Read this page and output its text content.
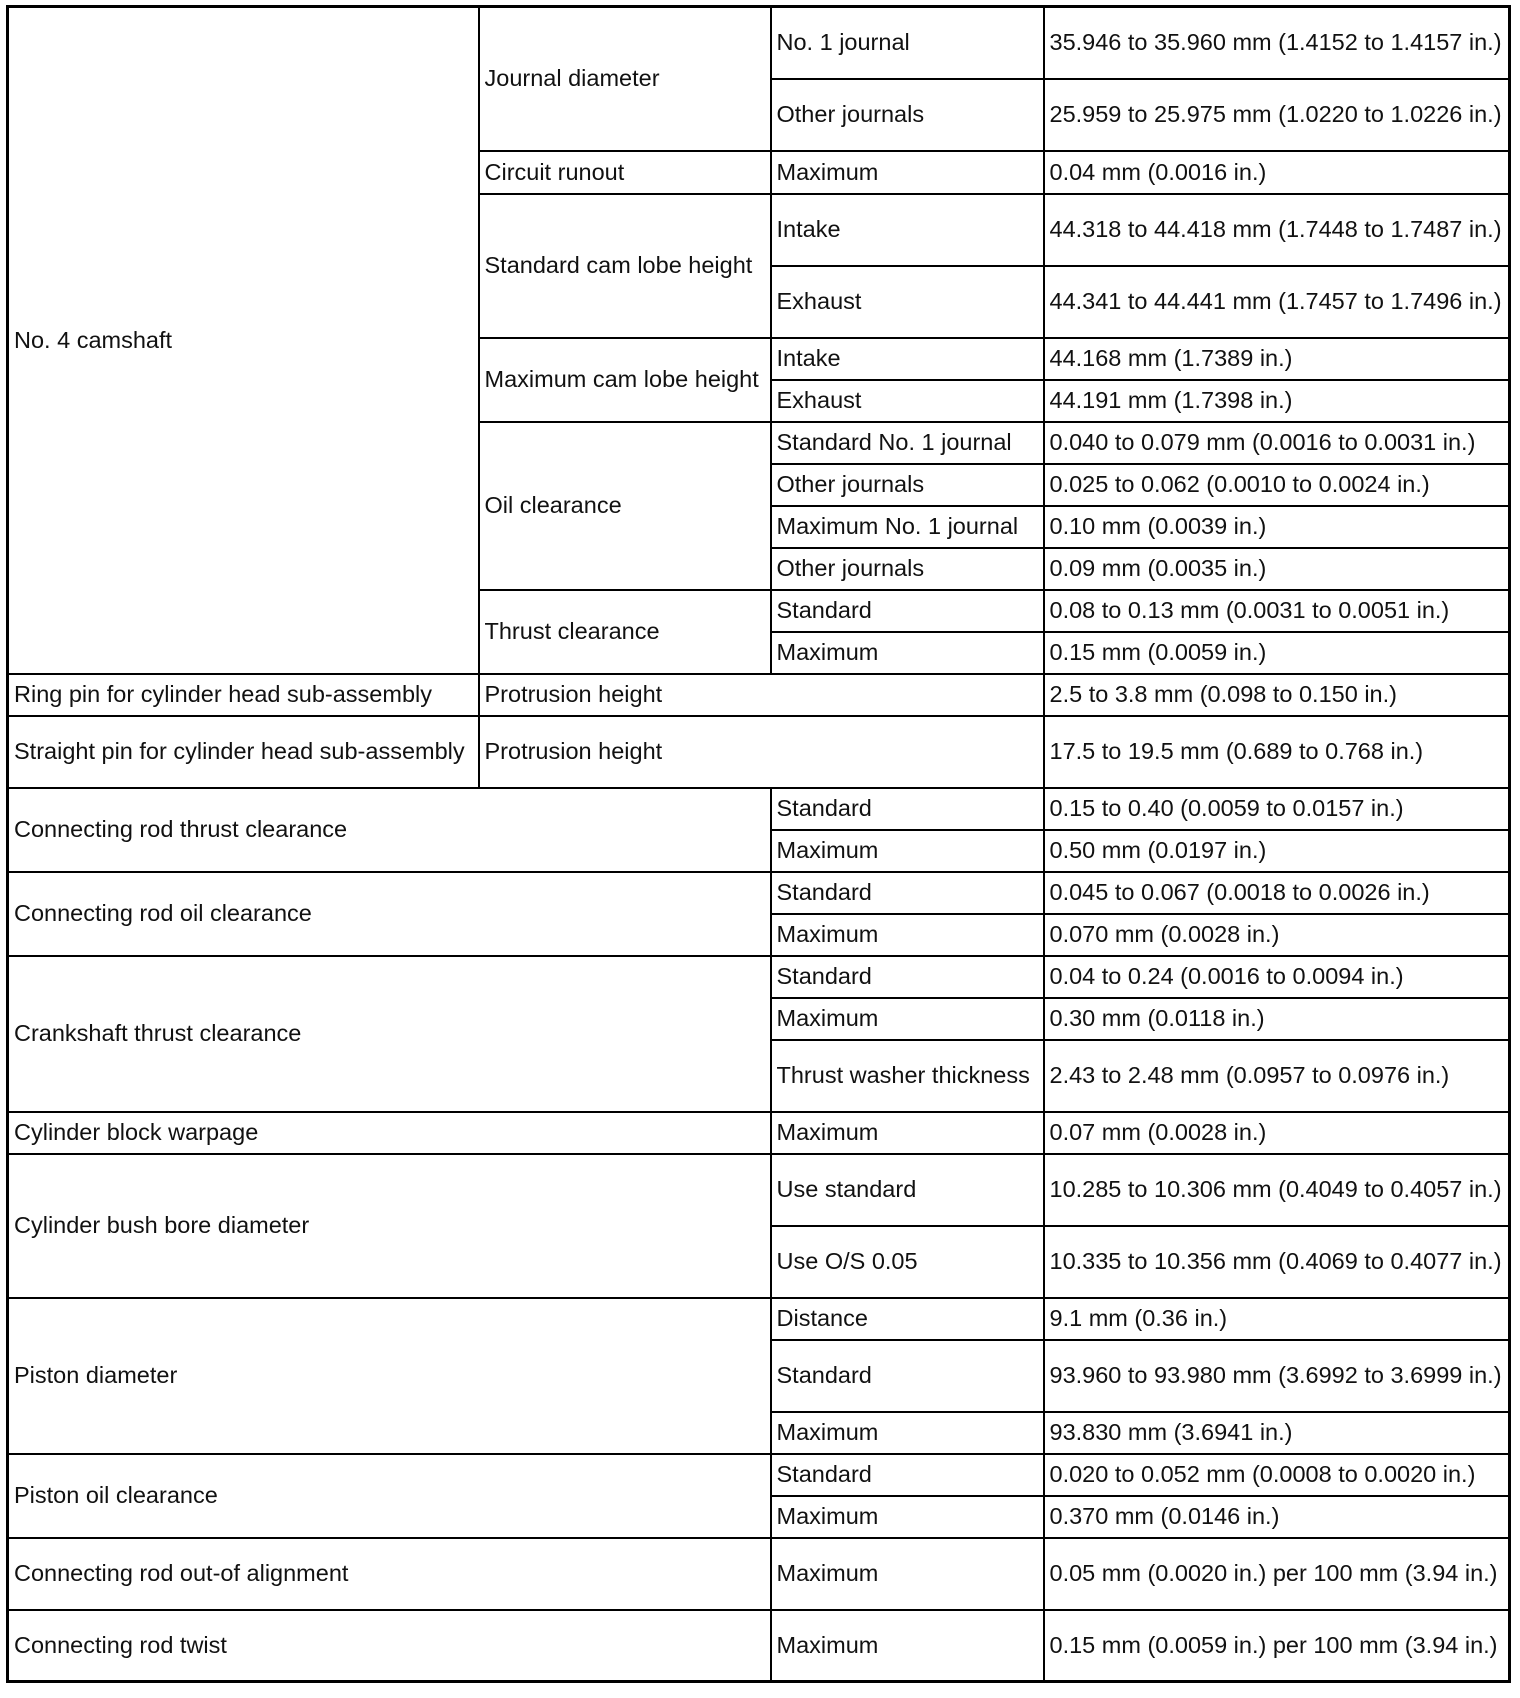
No. 4 camshaft	Journal diameter	No. 1 journal	35.946 to 35.960 mm (1.4152 to 1.4157 in.)
		Other journals	25.959 to 25.975 mm (1.0220 to 1.0226 in.)
	Circuit runout	Maximum	0.04 mm (0.0016 in.)
	Standard cam lobe height	Intake	44.318 to 44.418 mm (1.7448 to 1.7487 in.)
		Exhaust	44.341 to 44.441 mm (1.7457 to 1.7496 in.)
	Maximum cam lobe height	Intake	44.168 mm (1.7389 in.)
		Exhaust	44.191 mm (1.7398 in.)
	Oil clearance	Standard No. 1 journal	0.040 to 0.079 mm (0.0016 to 0.0031 in.)
		Other journals	0.025 to 0.062 (0.0010 to 0.0024 in.)
		Maximum No. 1 journal	0.10 mm (0.0039 in.)
		Other journals	0.09 mm (0.0035 in.)
	Thrust clearance	Standard	0.08 to 0.13 mm (0.0031 to 0.0051 in.)
		Maximum	0.15 mm (0.0059 in.)
Ring pin for cylinder head sub-assembly	Protrusion height		2.5 to 3.8 mm (0.098 to 0.150 in.)
Straight pin for cylinder head sub-assembly	Protrusion height		17.5 to 19.5 mm (0.689 to 0.768 in.)
Connecting rod thrust clearance		Standard	0.15 to 0.40 (0.0059 to 0.0157 in.)
		Maximum	0.50 mm (0.0197 in.)
Connecting rod oil clearance		Standard	0.045 to 0.067 (0.0018 to 0.0026 in.)
		Maximum	0.070 mm (0.0028 in.)
Crankshaft thrust clearance		Standard	0.04 to 0.24 (0.0016 to 0.0094 in.)
		Maximum	0.30 mm (0.0118 in.)
		Thrust washer thickness	2.43 to 2.48 mm (0.0957 to 0.0976 in.)
Cylinder block warpage		Maximum	0.07 mm (0.0028 in.)
Cylinder bush bore diameter		Use standard	10.285 to 10.306 mm (0.4049 to 0.4057 in.)
		Use O/S 0.05	10.335 to 10.356 mm (0.4069 to 0.4077 in.)
Piston diameter		Distance	9.1 mm (0.36 in.)
		Standard	93.960 to 93.980 mm (3.6992 to 3.6999 in.)
		Maximum	93.830 mm (3.6941 in.)
Piston oil clearance		Standard	0.020 to 0.052 mm (0.0008 to 0.0020 in.)
		Maximum	0.370 mm (0.0146 in.)
Connecting rod out-of alignment		Maximum	0.05 mm (0.0020 in.) per 100 mm (3.94 in.)
Connecting rod twist		Maximum	0.15 mm (0.0059 in.) per 100 mm (3.94 in.)
